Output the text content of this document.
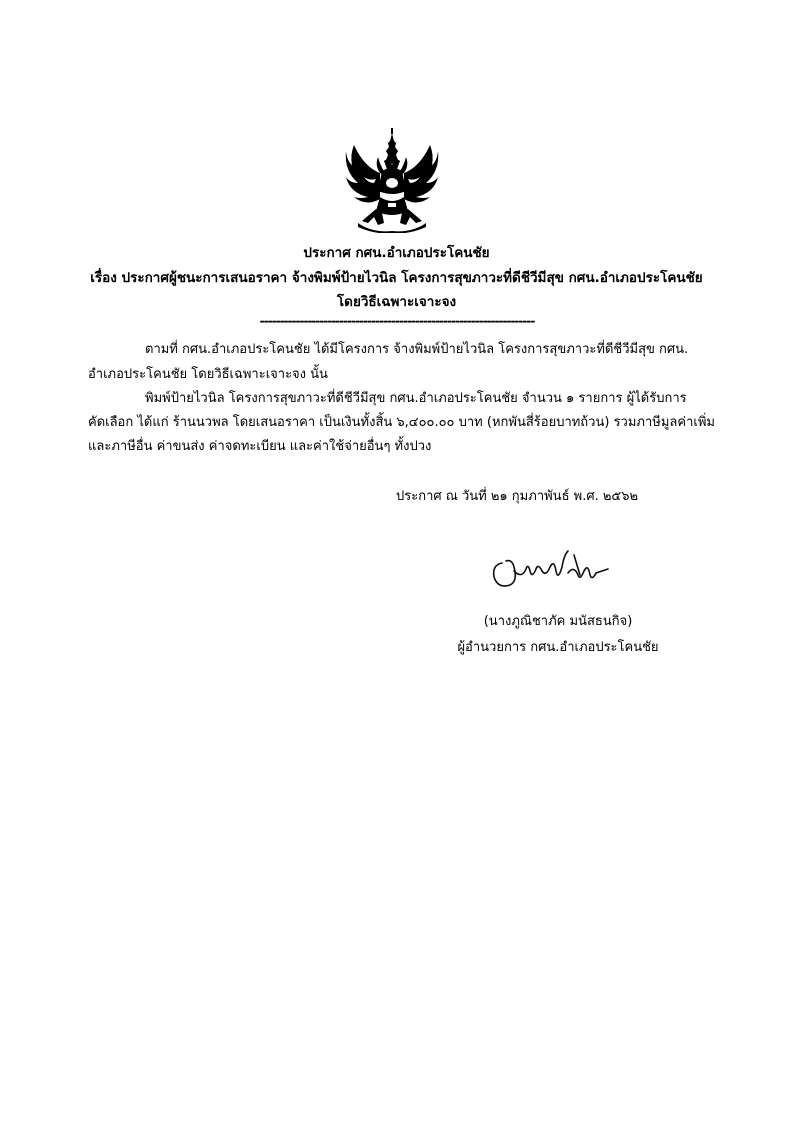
ประกาศ กศน.อำเภอประโคนชัย
เรื่อง ประกาศผู้ชนะการเสนอราคา จ้างพิมพ์ป้ายไวนิล โครงการสุขภาวะที่ดีชีวีมีสุข กศน.อำเภอประโคนชัย
โดยวิธีเฉพาะเจาะจง
---------------------------------------------------------------------
ตามที่ กศน.อำเภอประโคนชัย ได้มีโครงการ จ้างพิมพ์ป้ายไวนิล โครงการสุขภาวะที่ดีชีวีมีสุข กศน.
อำเภอประโคนชัย โดยวิธีเฉพาะเจาะจง นั้น
พิมพ์ป้ายไวนิล โครงการสุขภาวะที่ดีชีวีมีสุข กศน.อำเภอประโคนชัย จำนวน ๑ รายการ ผู้ได้รับการ
คัดเลือก ได้แก่ ร้านนวพล โดยเสนอราคา เป็นเงินทั้งสิ้น ๖,๔๐๐.๐๐ บาท (หกพันสี่ร้อยบาทถ้วน) รวมภาษีมูลค่าเพิ่ม
และภาษีอื่น ค่าขนส่ง ค่าจดทะเบียน และค่าใช้จ่ายอื่นๆ ทั้งปวง
ประกาศ ณ วันที่ ๒๑ กุมภาพันธ์ พ.ศ. ๒๕๖๒
(นางภูณิชาภัค มนัสธนกิจ)
ผู้อำนวยการ กศน.อำเภอประโคนชัย
